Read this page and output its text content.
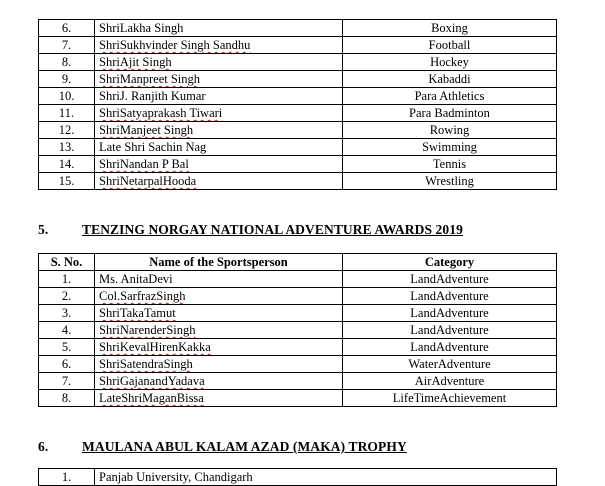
6.	ShriLakha Singh	Boxing
7.	ShriSukhvinder Singh Sandhu	Football
8.	ShriAjit Singh	Hockey
9.	ShriManpreet Singh	Kabaddi
10.	ShriJ. Ranjith Kumar	Para Athletics
11.	ShriSatyaprakash Tiwari	Para Badminton
12.	ShriManjeet Singh	Rowing
13.	Late Shri Sachin Nag	Swimming
14.	ShriNandan P Bal	Tennis
15.	ShriNetarpalHooda	Wrestling
5. TENZING NORGAY NATIONAL ADVENTURE AWARDS 2019
S. No.	Name of the Sportsperson	Category
1.	Ms. AnitaDevi	LandAdventure
2.	Col.SarfrazSingh	LandAdventure
3.	ShriTakaTamut	LandAdventure
4.	ShriNarenderSingh	LandAdventure
5.	ShriKevalHirenKakka	LandAdventure
6.	ShriSatendraSingh	WaterAdventure
7.	ShriGajanandYadava	AirAdventure
8.	LateShriMaganBissa	LifeTimeAchievement
6. MAULANA ABUL KALAM AZAD (MAKA) TROPHY
1.	Panjab University, Chandigarh
